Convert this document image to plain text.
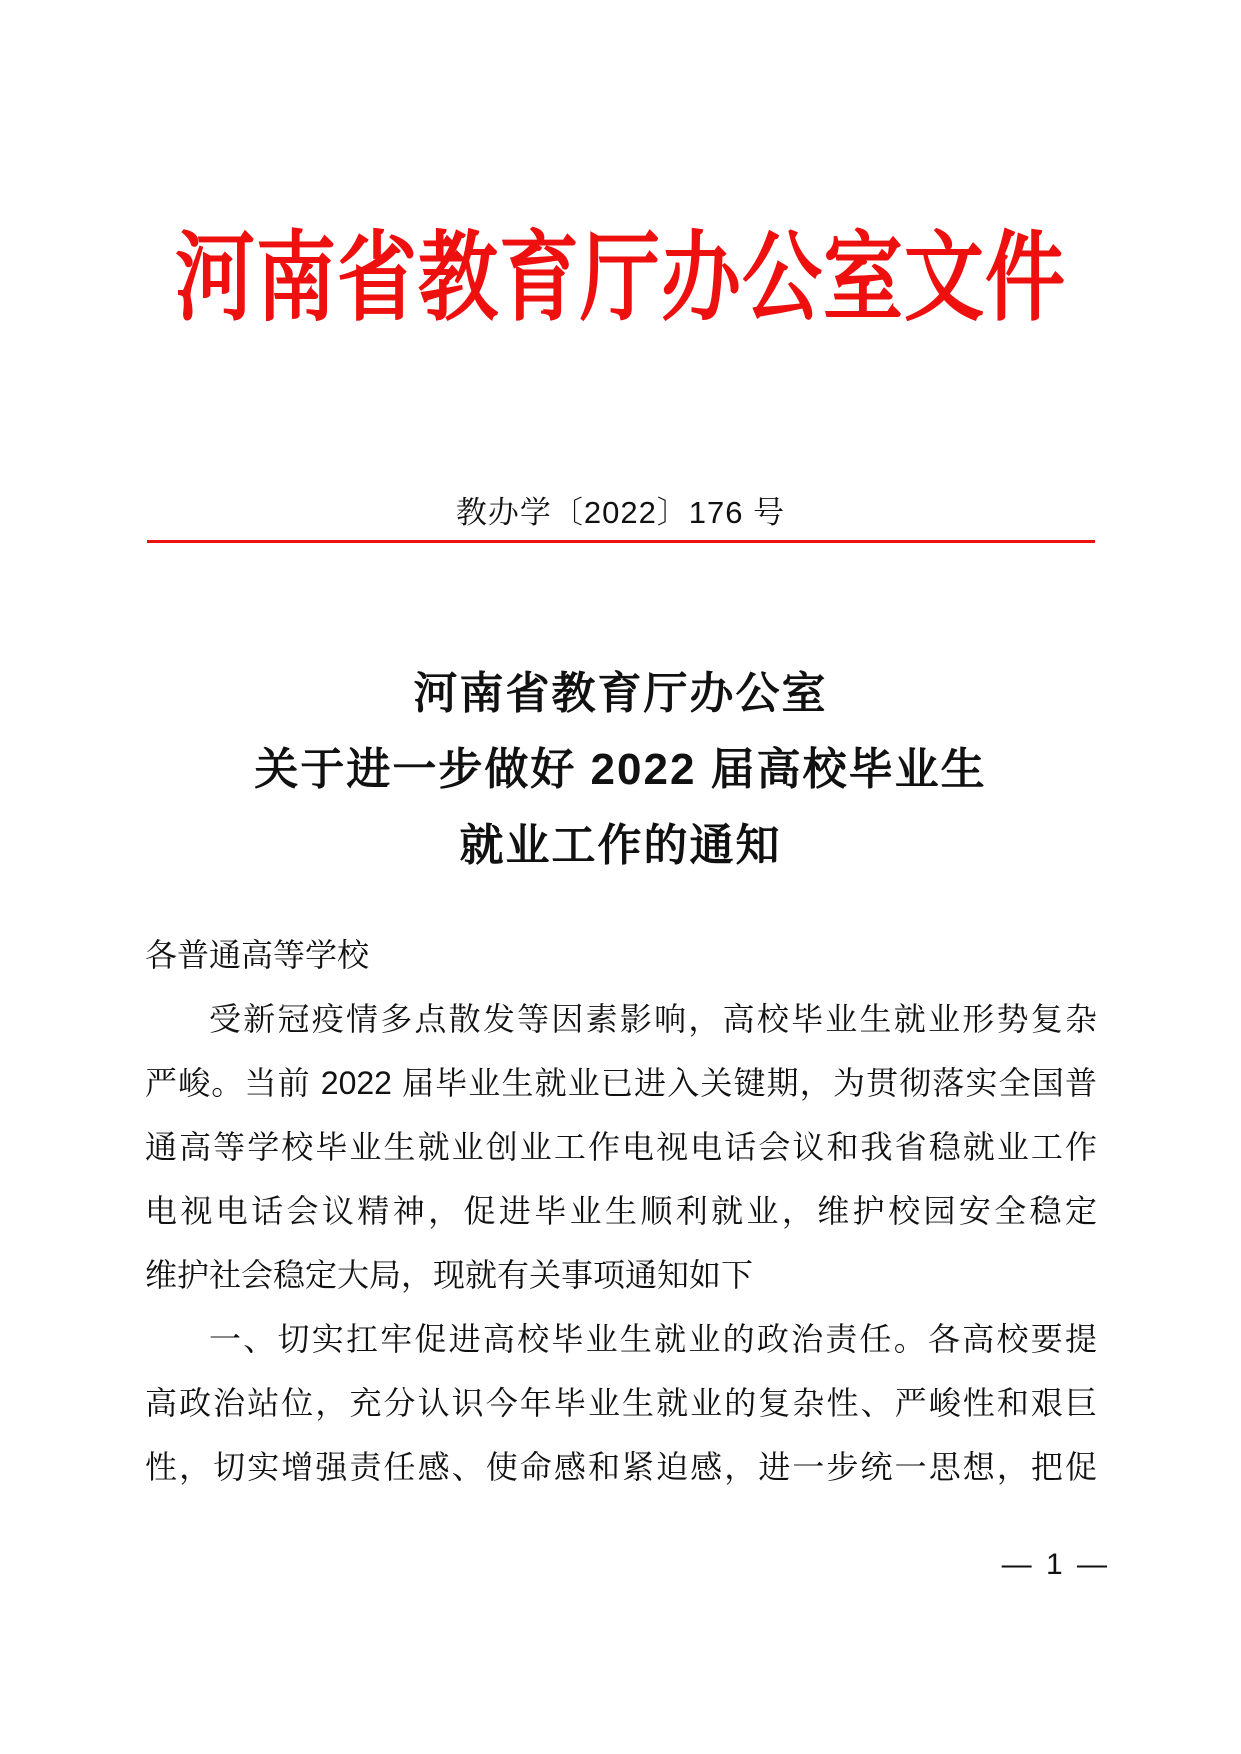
河南省教育厅办公室文件
教办学〔2022〕176 号
河南省教育厅办公室
关于进一步做好 2022 届高校毕业生
就业工作的通知
各普通高等学校
受新冠疫情多点散发等因素影响，高校毕业生就业形势复杂
严峻。当前 2022 届毕业生就业已进入关键期，为贯彻落实全国普
通高等学校毕业生就业创业工作电视电话会议和我省稳就业工作
电视电话会议精神，促进毕业生顺利就业，维护校园安全稳定
维护社会稳定大局，现就有关事项通知如下
一、切实扛牢促进高校毕业生就业的政治责任。各高校要提
高政治站位，充分认识今年毕业生就业的复杂性、严峻性和艰巨
性，切实增强责任感、使命感和紧迫感，进一步统一思想，把促
— 1 —
